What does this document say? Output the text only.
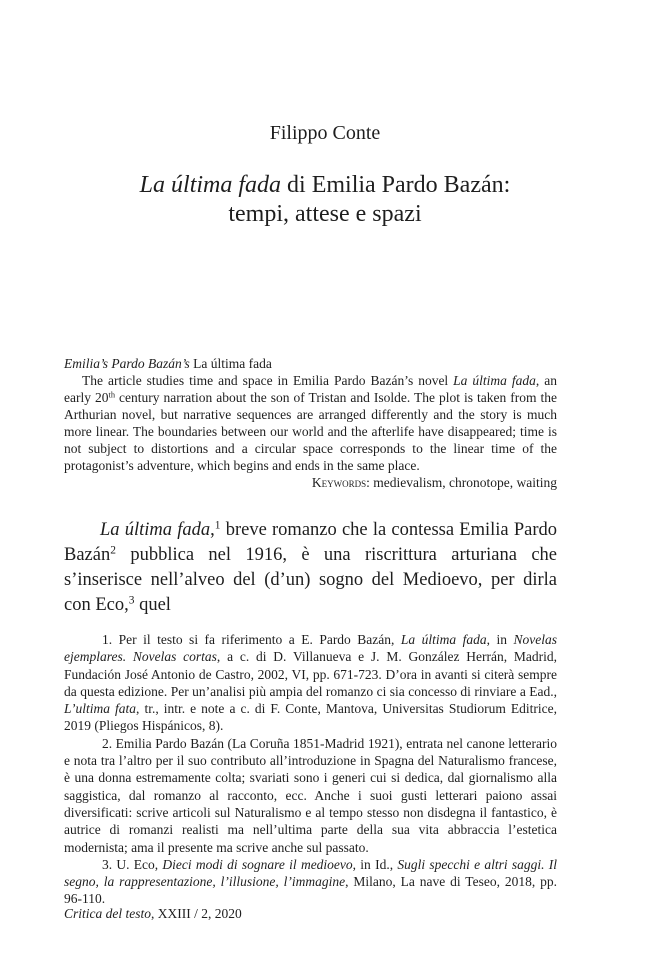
Filippo Conte
La última fada di Emilia Pardo Bazán:
tempi, attese e spazi

Emilia’s Pardo Bazán’s La última fada

The article studies time and space in Emilia Pardo Bazán’s novel La última fada, an early 20th century narration about the son of Tristan and Isolde. The plot is taken from the Arthurian novel, but narrative sequences are arranged differently and the story is much more linear. The boundaries between our world and the afterlife have disappeared; time is not subject to distortions and a circular space corresponds to the linear time of the protagonist’s adventure, which begins and ends in the same place.

Keywords: medievalism, chronotope, waiting

La última fada,$^1$ breve romanzo che la contessa Emilia Pardo Bazán$^2$ pubblica nel 1916, è una riscrittura arturiana che s’inserisce nell’alveo del (d’un) sogno del Medioevo, per dirla con Eco,$^3$ quel

1. Per il testo si fa riferimento a E. Pardo Bazán, La última fada, in Novelas ejemplares. Novelas cortas, a c. di D. Villanueva e J. M. González Herrán, Madrid, Fundación José Antonio de Castro, 2002, VI, pp. 671-723. D’ora in avanti si citerà sempre da questa edizione. Per un’analisi più ampia del romanzo ci sia concesso di rinviare a Ead., L’ultima fata, tr., intr. e note a c. di F. Conte, Mantova, Universitas Studiorum Editrice, 2019 (Pliegos Hispánicos, 8).

2. Emilia Pardo Bazán (La Coruña 1851-Madrid 1921), entrata nel canone letterario e nota tra l’altro per il suo contributo all’introduzione in Spagna del Naturalismo francese, è una donna estremamente colta; svariati sono i generi cui si dedica, dal giornalismo alla saggistica, dal romanzo al racconto, ecc. Anche i suoi gusti letterari paiono assai diversificati: scrive articoli sul Naturalismo e al tempo stesso non disdegna il fantastico, è autrice di romanzi realisti ma nell’ultima parte della sua vita abbraccia l’estetica modernista; ama il presente ma scrive anche sul passato.

3. U. Eco, Dieci modi di sognare il medioevo, in Id., Sugli specchi e altri saggi. Il segno, la rappresentazione, l’illusione, l’immagine, Milano, La nave di Teseo, 2018, pp. 96-110.

Critica del testo, XXIII / 2, 2020
